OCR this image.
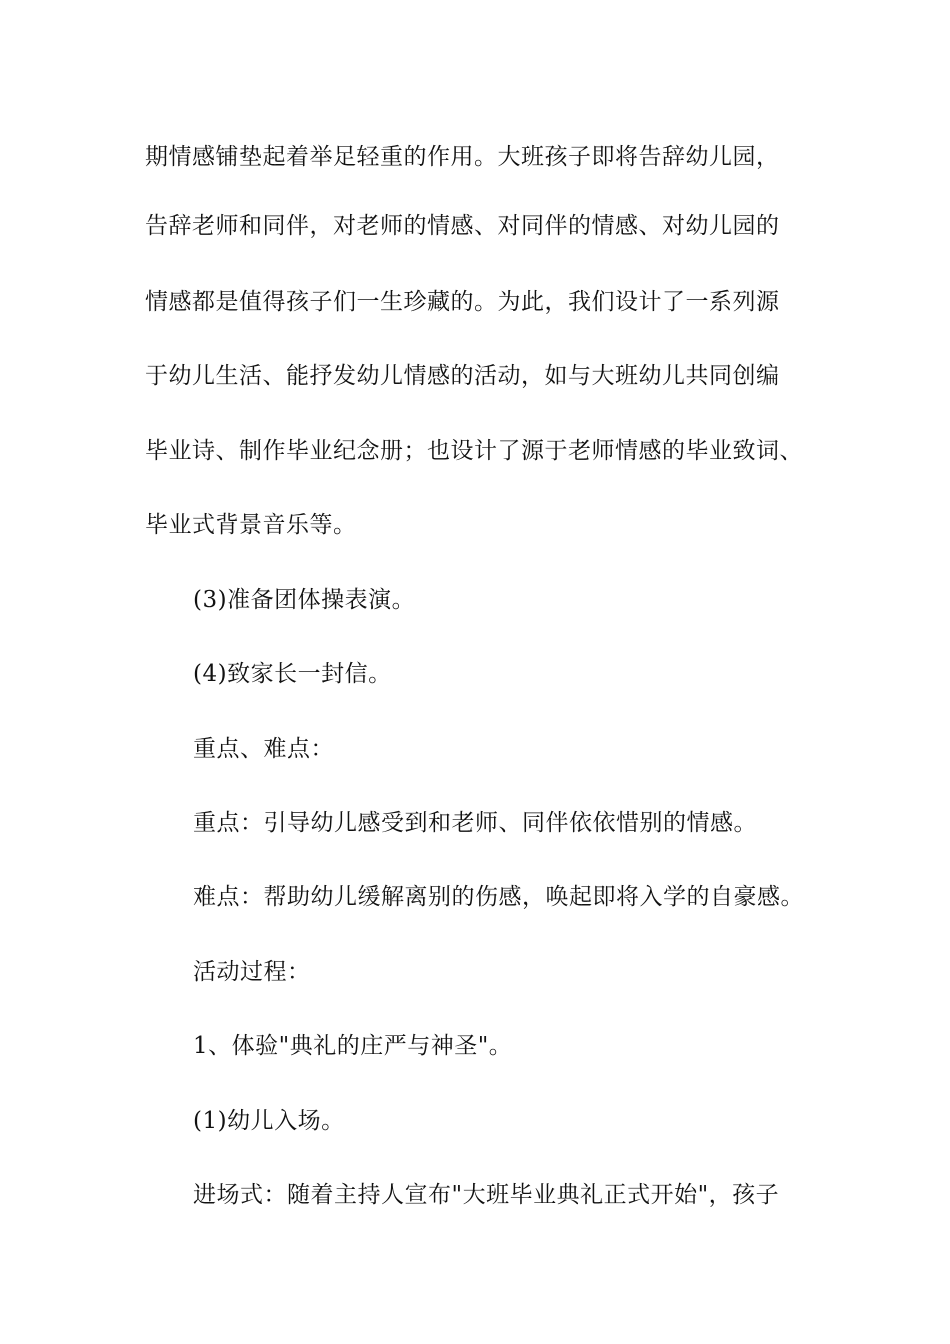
期情感铺垫起着举足轻重的作用。大班孩子即将告辞幼儿园，
告辞老师和同伴，对老师的情感、对同伴的情感、对幼儿园的
情感都是值得孩子们一生珍藏的。为此，我们设计了一系列源
于幼儿生活、能抒发幼儿情感的活动，如与大班幼儿共同创编
毕业诗、制作毕业纪念册；也设计了源于老师情感的毕业致词、
毕业式背景音乐等。
(3)准备团体操表演。
(4)致家长一封信。
重点、难点：
重点：引导幼儿感受到和老师、同伴依依惜别的情感。
难点：帮助幼儿缓解离别的伤感，唤起即将入学的自豪感。
活动过程：
1、体验"典礼的庄严与神圣"。
(1)幼儿入场。
进场式：随着主持人宣布"大班毕业典礼正式开始"，孩子
